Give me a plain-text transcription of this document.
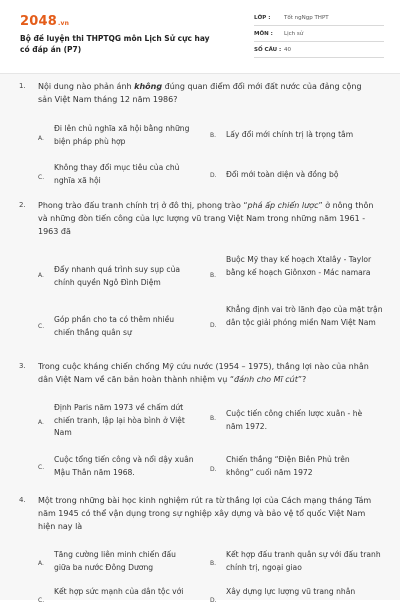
2048.vn
Bộ đề luyện thi THPTQG môn Lịch Sử cực hay có đáp án (P7)
LỚP :	Tốt ngNgp THPT
MÔN :	Lịch sử
SỐ CÂU : 40
1. Nội dung nào phản ánh không đúng quan điểm đổi mới đất nước của đảng cộng sản Việt Nam tháng 12 năm 1986?
A.
Đi lên chủ nghĩa xã hội bằng những biện pháp phù hợp
B. Lấy đổi mới chính trị là trọng tâm
C.
Không thay đổi mục tiêu của chủ nghĩa xã hội	D. Đổi mới toàn diện và đồng bộ
2. Phong trào đấu tranh chính trị ở đô thị, phong trào “phá ấp chiến lược” ở nông thôn và những đòn tiến công của lực lượng vũ trang Việt Nam trong những năm 1961 - 1963 đã
A.
Đẩy nhanh quá trình suy sụp của chính quyền Ngô Đình Diệm
B.
Buộc Mỹ thay kế hoạch Xtalây - Taylor bằng kế hoạch Giônxơn - Mác namara
C.
Góp phần cho ta có thêm nhiều chiến thắng quân sự
D.
Khẳng định vai trò lãnh đạo của mặt trận dân tộc giải phóng miền Nam Việt Nam
3. Trong cuộc kháng chiến chống Mỹ cứu nước (1954 – 1975), thắng lợi nào của nhân dân Việt Nam về căn bản hoàn thành nhiệm vụ “đánh cho Mĩ cút”?
A.
Định Paris năm 1973 về chấm dứt chiến tranh, lập lại hòa bình ở Việt Nam
B.
Cuộc tiến công chiến lược xuân - hè năm 1972.
C.
Cuộc tổng tiến công và nổi dậy xuân Mậu Thân năm 1968.	D.
Chiến thắng “Điện Biên Phủ trên không” cuối năm 1972
4. Một trong những bài học kinh nghiệm rút ra từ thắng lợi của Cách mạng tháng Tám năm 1945 có thể vận dụng trong sự nghiệp xây dựng và bảo vệ tổ quốc Việt Nam hiện nay là
A.
Tăng cường liên minh chiến đấu giữa ba nước Đông Dương	B.
Kết hợp đấu tranh quân sự với đấu tranh chính trị, ngoại giao
C.
Kết hợp sức mạnh của dân tộc với
D.
Xây dựng lực lượng vũ trang nhân
